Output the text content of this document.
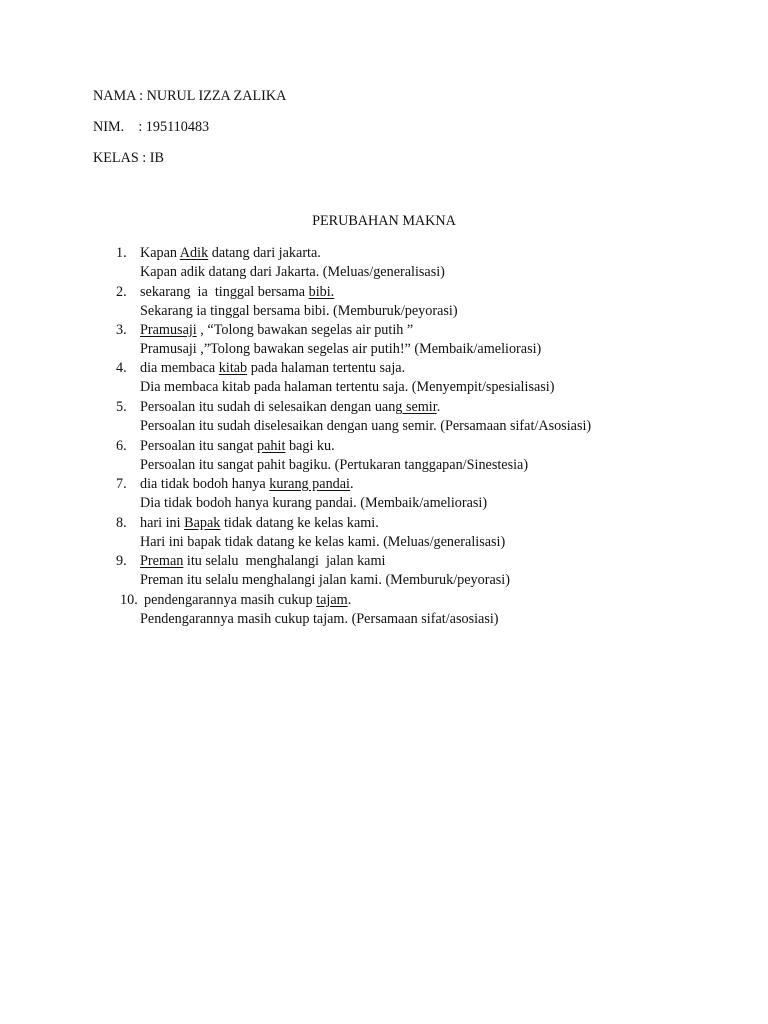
NAMA : NURUL IZZA ZALIKA
NIM.    : 195110483
KELAS : IB
PERUBAHAN MAKNA
1. Kapan Adik datang dari jakarta.
Kapan adik datang dari Jakarta. (Meluas/generalisasi)
2. sekarang  ia  tinggal bersama bibi.
Sekarang ia tinggal bersama bibi. (Memburuk/peyorasi)
3. Pramusaji , “Tolong bawakan segelas air putih ”
Pramusaji ,”Tolong bawakan segelas air putih!” (Membaik/ameliorasi)
4. dia membaca kitab pada halaman tertentu saja.
Dia membaca kitab pada halaman tertentu saja. (Menyempit/spesialisasi)
5. Persoalan itu sudah di selesaikan dengan uang semir.
Persoalan itu sudah diselesaikan dengan uang semir. (Persamaan sifat/Asosiasi)
6. Persoalan itu sangat pahit bagi ku.
Persoalan itu sangat pahit bagiku. (Pertukaran tanggapan/Sinestesia)
7. dia tidak bodoh hanya kurang pandai.
Dia tidak bodoh hanya kurang pandai. (Membaik/ameliorasi)
8. hari ini Bapak tidak datang ke kelas kami.
Hari ini bapak tidak datang ke kelas kami. (Meluas/generalisasi)
9. Preman itu selalu  menghalangi  jalan kami
Preman itu selalu menghalangi jalan kami. (Memburuk/peyorasi)
10. pendengarannya masih cukup tajam.
Pendengarannya masih cukup tajam. (Persamaan sifat/asosiasi)
